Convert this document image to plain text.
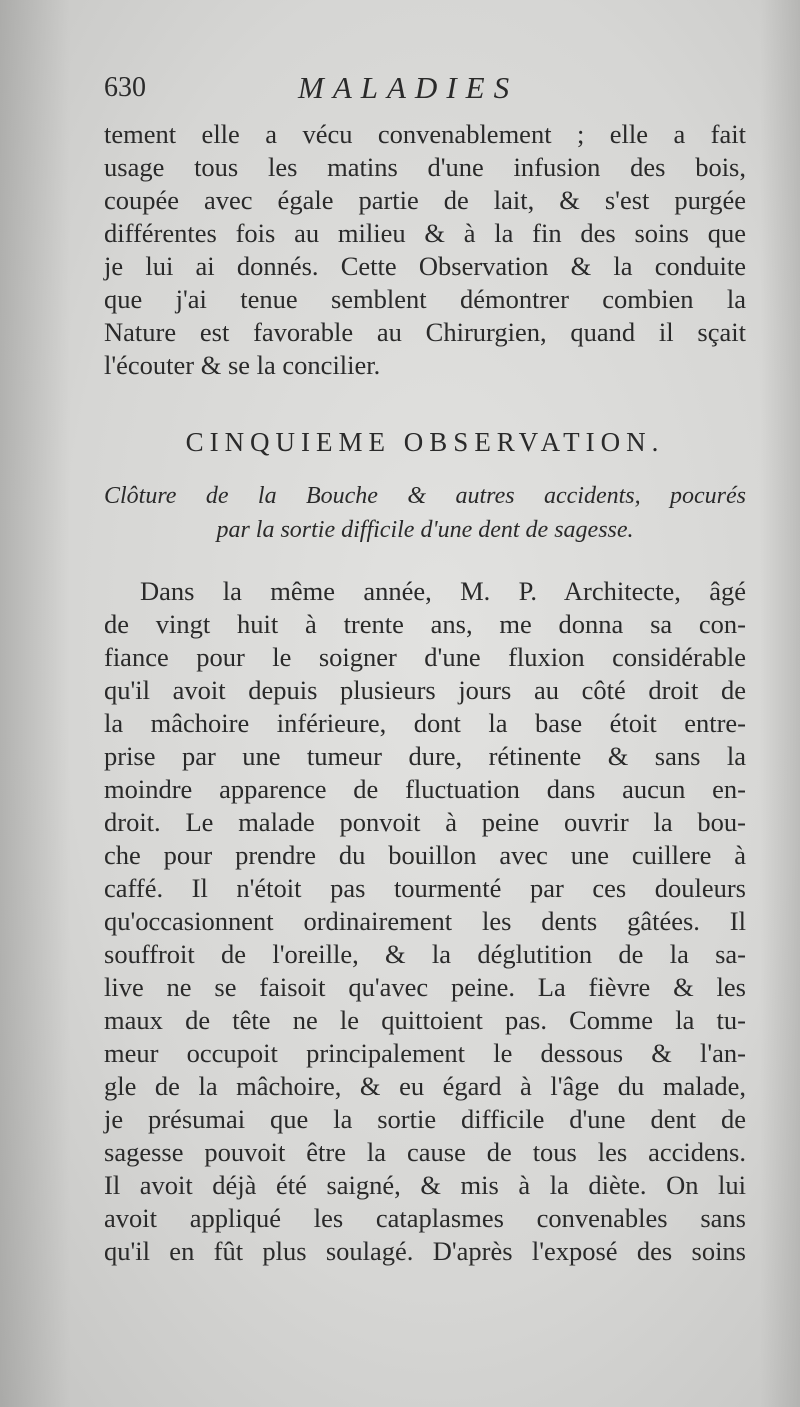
630	MALADIES
tement elle a vécu convenablement ; elle a fait
usage tous les matins d'une infusion des bois,
coupée avec égale partie de lait, & s'est purgée
différentes fois au milieu & à la fin des soins que
je lui ai donnés. Cette Observation & la conduite
que j'ai tenue semblent démontrer combien la
Nature est favorable au Chirurgien, quand il sçait
l'écouter & se la concilier.
CINQUIEME OBSERVATION.
Clôture de la Bouche & autres accidents, pocurés
par la sortie difficile d'une dent de sagesse.
Dans la même année, M. P. Architecte, âgé
de vingt huit à trente ans, me donna sa con-
fiance pour le soigner d'une fluxion considérable
qu'il avoit depuis plusieurs jours au côté droit de
la mâchoire inférieure, dont la base étoit entre-
prise par une tumeur dure, rétinente & sans la
moindre apparence de fluctuation dans aucun en-
droit. Le malade ponvoit à peine ouvrir la bou-
che pour prendre du bouillon avec une cuillere à
caffé. Il n'étoit pas tourmenté par ces douleurs
qu'occasionnent ordinairement les dents gâtées. Il
souffroit de l'oreille, & la déglutition de la sa-
live ne se faisoit qu'avec peine. La fièvre & les
maux de tête ne le quittoient pas. Comme la tu-
meur occupoit principalement le dessous & l'an-
gle de la mâchoire, & eu égard à l'âge du malade,
je présumai que la sortie difficile d'une dent de
sagesse pouvoit être la cause de tous les accidens.
Il avoit déjà été saigné, & mis à la diète. On lui
avoit appliqué les cataplasmes convenables sans
qu'il en fût plus soulagé. D'après l'exposé des soins
